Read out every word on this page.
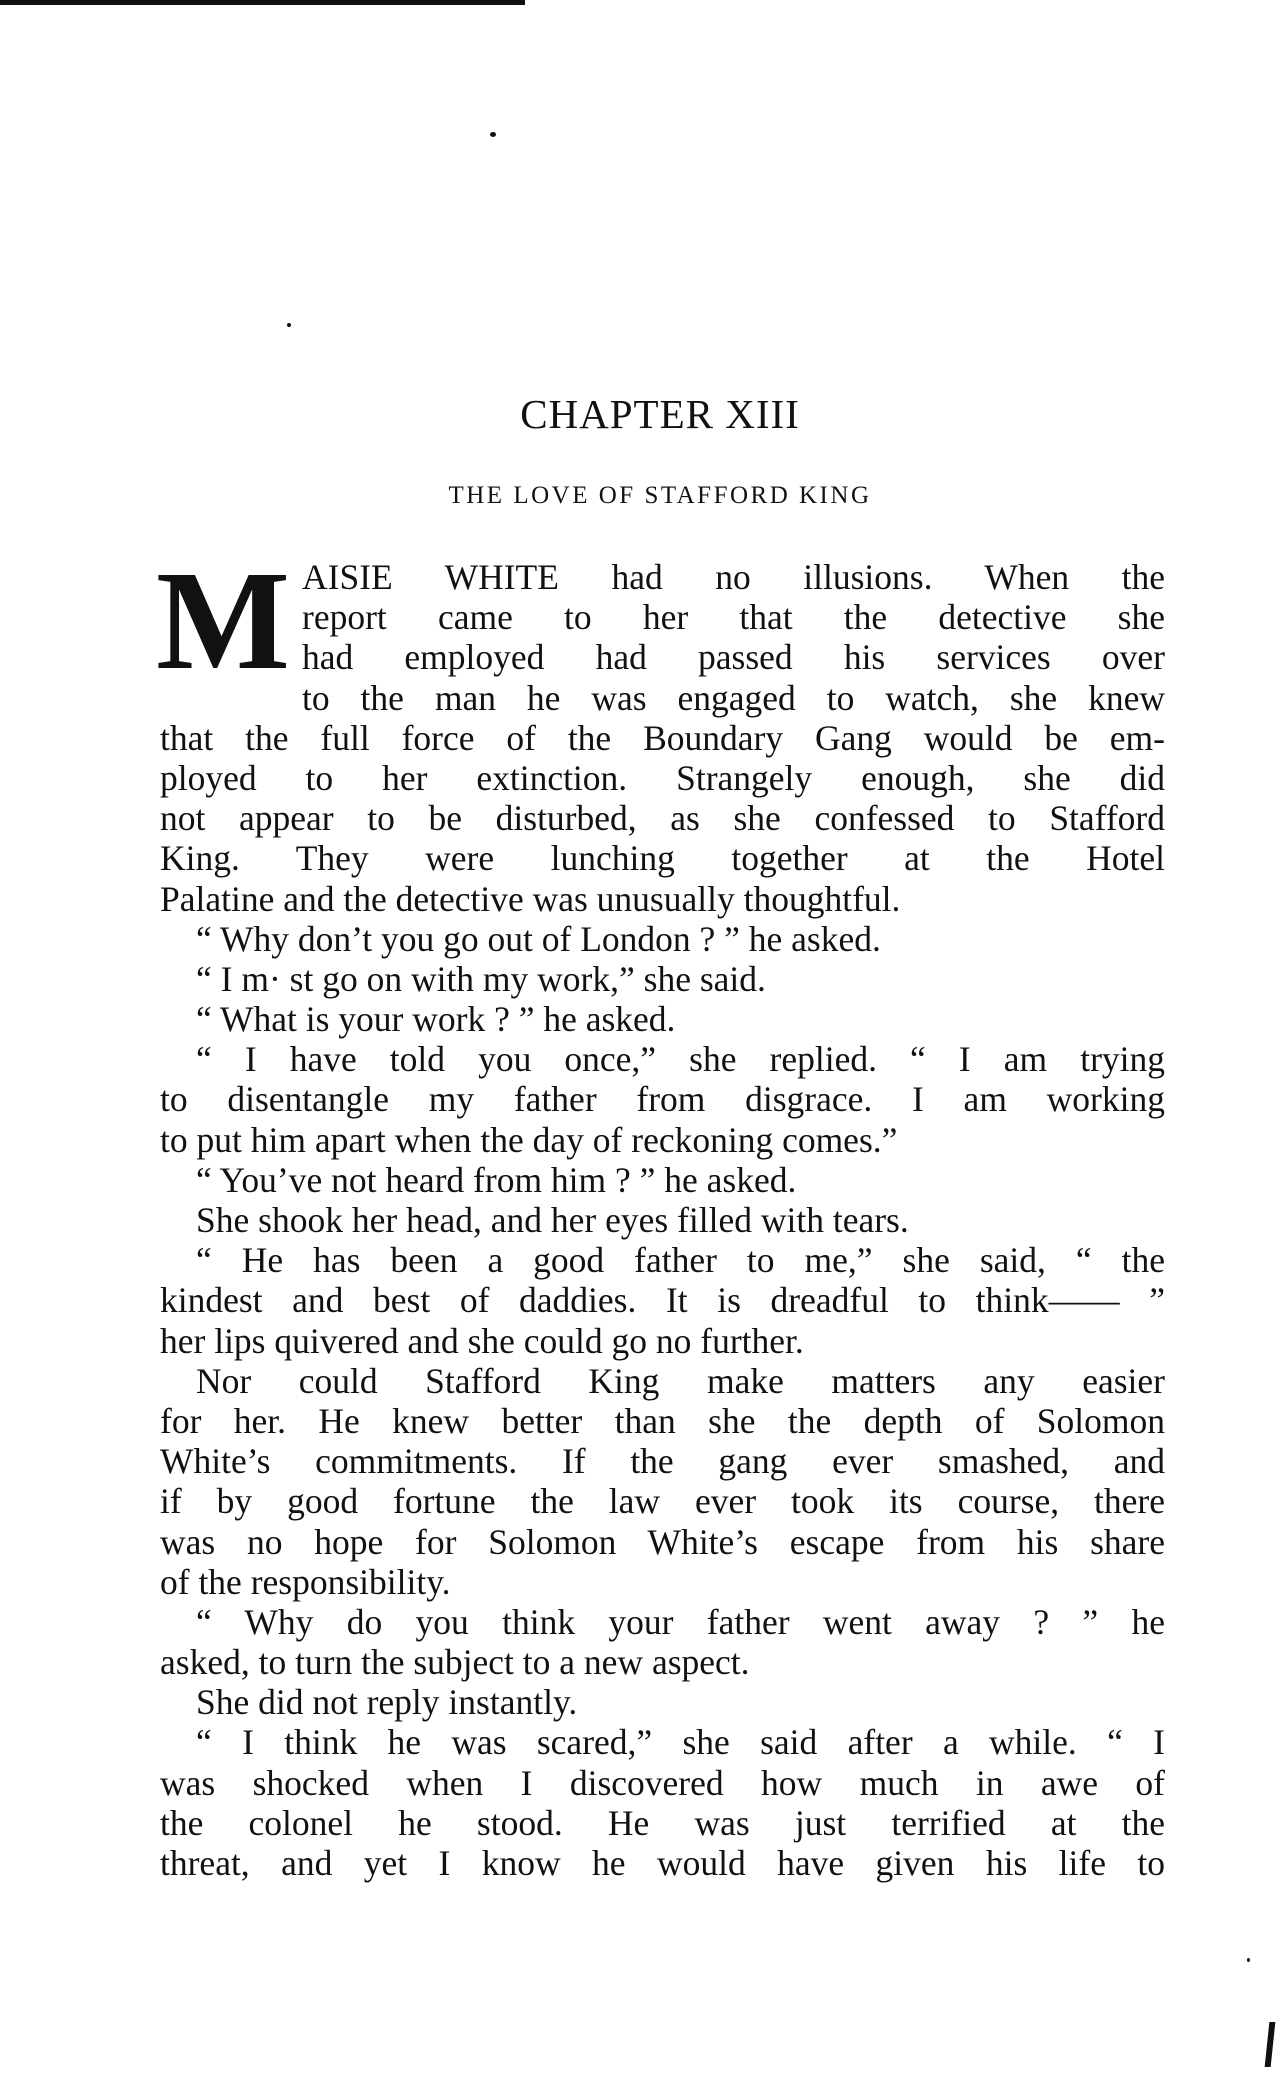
CHAPTER XIII
THE LOVE OF STAFFORD KING
M AISIE WHITE had no illusions. When the
report came to her that the detective she
had employed had passed his services over
to the man he was engaged to watch, she knew
that the full force of the Boundary Gang would be em-
ployed to her extinction. Strangely enough, she did
not appear to be disturbed, as she confessed to Stafford
King. They were lunching together at the Hotel
Palatine and the detective was unusually thoughtful.
“ Why don’t you go out of London ? ” he asked.
“ I m· st go on with my work,” she said.
“ What is your work ? ” he asked.
“ I have told you once,” she replied. “ I am trying
to disentangle my father from disgrace. I am working
to put him apart when the day of reckoning comes.”
“ You’ve not heard from him ? ” he asked.
She shook her head, and her eyes filled with tears.
“ He has been a good father to me,” she said, “ the
kindest and best of daddies. It is dreadful to think—— ”
her lips quivered and she could go no further.
Nor could Stafford King make matters any easier
for her. He knew better than she the depth of Solomon
White’s commitments. If the gang ever smashed, and
if by good fortune the law ever took its course, there
was no hope for Solomon White’s escape from his share
of the responsibility.
“ Why do you think your father went away ? ” he
asked, to turn the subject to a new aspect.
She did not reply instantly.
“ I think he was scared,” she said after a while. “ I
was shocked when I discovered how much in awe of
the colonel he stood. He was just terrified at the
threat, and yet I know he would have given his life to
